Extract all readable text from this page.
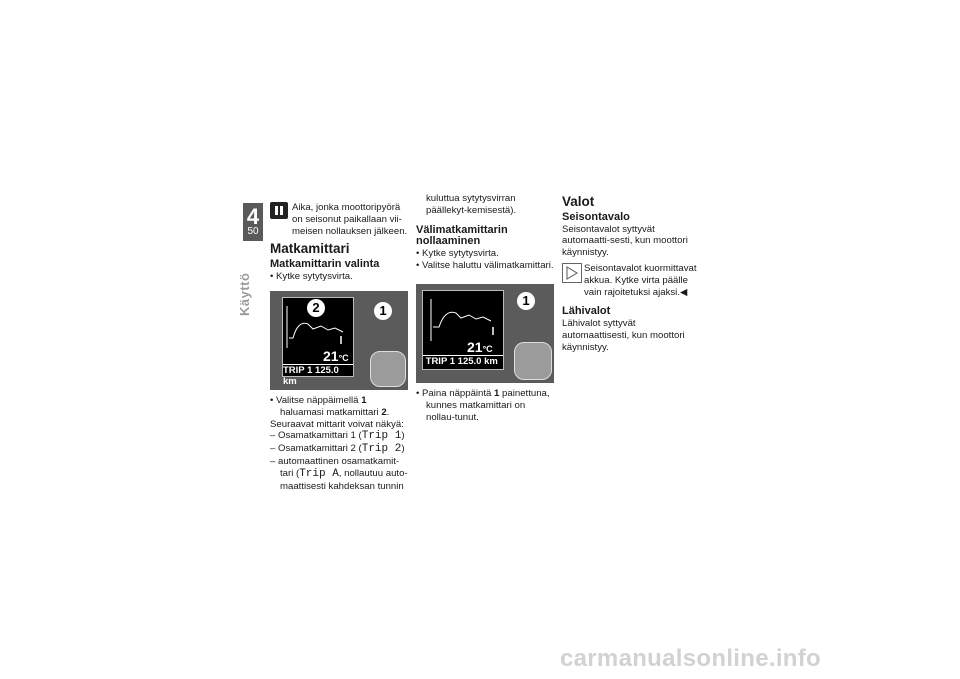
4
50
Käyttö

Aika, jonka moottoripyörä on seisonut paikallaan vii-meisen nollauksen jälkeen.

Matkamittari
Matkamittarin valinta

• Kytke sytytysvirta.

21°C
TRIP 1 125.0 km
2	1

• Valitse näppäimellä 1 haluamasi matkamittari 2.

Seuraavat mittarit voivat näkyä:

– Osamatkamittari 1 (Trip 1)

– Osamatkamittari 2 (Trip 2)

– automaattinen osamatkamit-tari (Trip A, nollautuu auto-maattisesti kahdeksan tunnin

kuluttua sytytysvirran päällekyt-kemisestä).

Välimatkamittarin nollaaminen

• Kytke sytytysvirta.

• Valitse haluttu välimatkamittari.

21°C
TRIP 1 125.0 km
1

• Paina näppäintä 1 painettuna, kunnes matkamittari on nollau-tunut.

Valot
Seisontavalo

Seisontavalot syttyvät automaatti-sesti, kun moottori käynnistyy.

Seisontavalot kuormittavat akkua. Kytke virta päälle vain rajoitetuksi ajaksi.◀

Lähivalot

Lähivalot syttyvät automaattisesti, kun moottori käynnistyy.

carmanualsonline.info
